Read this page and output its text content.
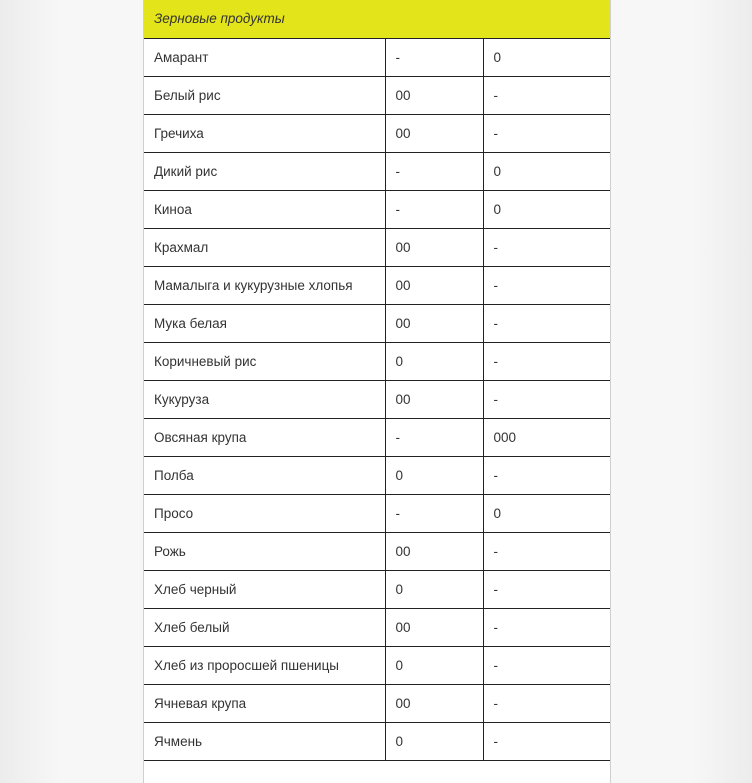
Зерновые продукты		
Амарант	-	0
Белый рис	00	-
Гречиха	00	-
Дикий рис	-	0
Киноа	-	0
Крахмал	00	-
Мамалыга и кукурузные хлопья	00	-
Мука белая	00	-
Коричневый рис	0	-
Кукуруза	00	-
Овсяная крупа	-	000
Полба	0	-
Просо	-	0
Рожь	00	-
Хлеб черный	0	-
Хлеб белый	00	-
Хлеб из проросшей пшеницы	0	-
Ячневая крупа	00	-
Ячмень	0	-
